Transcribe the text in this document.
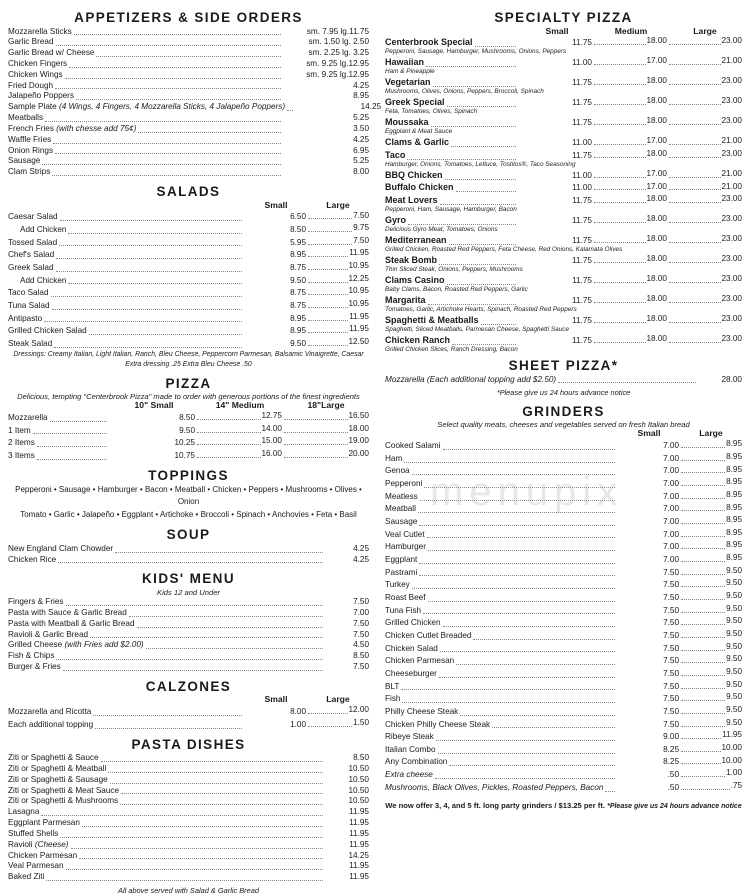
APPETIZERS & SIDE ORDERS
Mozzarella Sticks	sm. 7.95 lg.11.75
Garlic Bread	sm. 1.50 lg. 2.50
Garlic Bread w/ Cheese	sm. 2.25 lg. 3.25
Chicken Fingers	sm. 9.25 lg.12.95
Chicken Wings	sm. 9.25 lg.12.95
Fried Dough	4.25
Jalapeño Poppers	8.95
Sample Plate (4 Wings, 4 Fingers, 4 Mozzarella Sticks, 4 Jalapeño Poppers)	14.25
Meatballs	5.25
French Fries (with chesse add 75¢)	3.50
Waffle Fries	4.25
Onion Rings	6.95
Sausage	5.25
Clam Strips	8.00
SALADS
Small	Large
Caesar Salad	6.50	7.50
Add Chicken	8.50	9.75
Tossed Salad	5.95	7.50
Chef's Salad	8.95	11.95
Greek Salad	8.75	10.95
Add Chicken	9.50	12.25
Taco Salad	8.75	10.95
Tuna Salad	8.75	10.95
Antipasto	8.95	11.95
Grilled Chicken Salad	8.95	11.95
Steak Salad	9.50	12.50
Dressings: Creamy Italian, Light Italian, Ranch, Bleu Cheese, Peppercorn Parmesan, Balsamic Vinaigrette, Caesar
Extra dressing .25 Extra Bleu Cheese .50
PIZZA
Delicious, tempting "Centerbrook Pizza" made to order with generous portions of the finest ingredients
10" Small	14" Medium	18"Large
Mozzarella	8.50	12.75	16.50
1 Item	9.50	14.00	18.00
2 Items	10.25	15.00	19.00
3 Items	10.75	16.00	20.00
TOPPINGS
Pepperoni • Sausage • Hamburger • Bacon • Meatball • Chicken • Peppers • Mushrooms • Olives • Onion
Tomato • Garlic • Jalapeño • Eggplant • Artichoke • Broccoli • Spinach • Anchovies • Feta • Basil
SOUP
New England Clam Chowder	4.25
Chicken Rice	4.25
KIDS' MENU
Kids 12 and Under
Fingers & Fries	7.50
Pasta with Sauce & Garlic Bread	7.00
Pasta with Meatball & Garlic Bread	7.50
Ravioli & Garlic Bread	7.50
Grilled Cheese (with Fries add $2.00)	4.50
Fish & Chips	8.50
Burger & Fries	7.50
CALZONES
Small	Large
Mozzarella and Ricotta	8.00	12.00
Each additional topping	1.00	1.50
PASTA DISHES
Ziti or Spaghetti & Sauce	8.50
Ziti or Spaghetti & Meatball	10.50
Ziti or Spaghetti & Sausage	10.50
Ziti or Spaghetti & Meat Sauce	10.50
Ziti or Spaghetti & Mushrooms	10.50
Lasagna	11.95
Eggplant Parmesan	11.95
Stuffed Shells	11.95
Ravioli (Cheese)	11.95
Chicken Parmesan	14.25
Veal Parmesan	11.95
Baked Ziti	11.95
All above served with Salad & Garlic Bread
SPECIALTY PIZZA
Small	Medium	Large
Centerbrook Special	11.75	18.00	23.00
Pepperoni, Sausage, Hamburger, Mushrooms, Onions, Peppers
Hawaiian	11.00	17.00	21.00
Ham & Pineapple
Vegetarian	11.75	18.00	23.00
Mushrooms, Olives, Onions, Peppers, Broccoli, Spinach
Greek Special	11.75	18.00	23.00
Feta, Tomatoes, Olives, Spinach
Moussaka	11.75	18.00	23.00
Eggplant & Meat Sauce
Clams & Garlic	11.00	17.00	21.00
Taco	11.75	18.00	23.00
Hamburger, Onions, Tomatoes, Lettuce, Tostitos®, Taco Seasoning
BBQ Chicken	11.00	17.00	21.00
Buffalo Chicken	11.00	17.00	21.00
Meat Lovers	11.75	18.00	23.00
Pepperoni, Ham, Sausage, Hamburger, Bacon
Gyro	11.75	18.00	23.00
Delicious Gyro Meat, Tomatoes, Onions
Mediterranean	11.75	18.00	23.00
Grilled Chicken, Roasted Red Peppers, Feta Cheese, Red Onions, Kalamata Olives
Steak Bomb	11.75	18.00	23.00
Thin Sliced Steak, Onions, Peppers, Mushrooms
Clams Casino	11.75	18.00	23.00
Baby Clams, Bacon, Roasted Red Peppers, Garlic
Margarita	11.75	18.00	23.00
Tomatoes, Garlic, Artichoke Hearts, Spinach, Roasted Red Peppers
Spaghetti & Meatballs	11.75	18.00	23.00
Spaghetti, Sliced Meatballs, Parmesan Cheese, Spaghetti Sauce
Chicken Ranch	11.75	18.00	23.00
Grilled Chicken Slices, Ranch Dressing, Bacon
SHEET PIZZA*
Mozzarella (Each additional topping add $2.50)	28.00
*Please give us 24 hours advance notice
GRINDERS
Select quality meats, cheeses and vegetables served on fresh Italian bread
Small	Large
Cooked Salami	7.00	8.95
Ham	7.00	8.95
Genoa	7.00	8.95
Pepperoni	7.00	8.95
Meatless	7.00	8.95
Meatball	7.00	8.95
Sausage	7.00	8.95
Veal Cutlet	7.00	8.95
Hamburger	7.00	8.95
Eggplant	7.00	8.95
Pastrami	7.50	9.50
Turkey	7.50	9.50
Roast Beef	7.50	9.50
Tuna Fish	7.50	9.50
Grilled Chicken	7.50	9.50
Chicken Cutlet Breaded	7.50	9.50
Chicken Salad	7.50	9.50
Chicken Parmesan	7.50	9.50
Cheeseburger	7.50	9.50
BLT	7.50	9.50
Fish	7.50	9.50
Philly Cheese Steak	7.50	9.50
Chicken Philly Cheese Steak	7.50	9.50
Ribeye Steak	9.00	11.95
Italian Combo	8.25	10.00
Any Combination	8.25	10.00
Extra cheese	.50	1.00
Mushrooms, Black Olives, Pickles, Roasted Peppers, Bacon	.50	.75
We now offer 3, 4, and 5 ft. long party grinders / $13.25 per ft. *Please give us 24 hours advance notice
menupix
